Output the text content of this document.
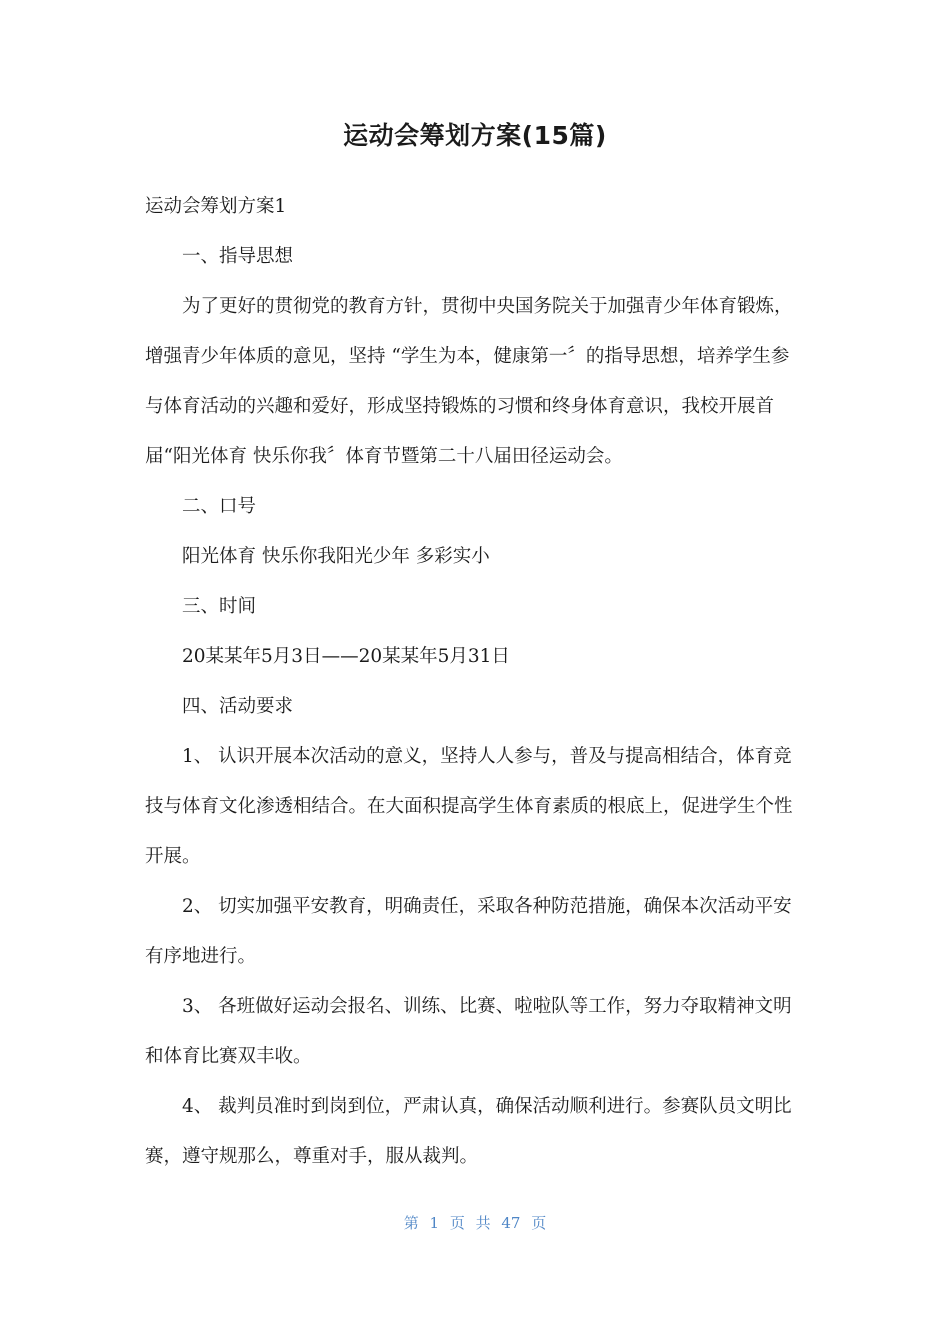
运动会筹划方案(15篇)

运动会筹划方案1

一、指导思想

为了更好的贯彻党的教育方针，贯彻中央国务院关于加强青少年体育锻炼，增强青少年体质的意见，坚持 “学生为本，健康第一〞的指导思想，培养学生参与体育活动的兴趣和爱好，形成坚持锻炼的习惯和终身体育意识，我校开展首届“阳光体育 快乐你我〞体育节暨第二十八届田径运动会。

二、口号

阳光体育 快乐你我阳光少年 多彩实小

三、时间

20某某年5月3日——20某某年5月31日

四、活动要求

1、 认识开展本次活动的意义，坚持人人参与，普及与提高相结合，体育竞技与体育文化渗透相结合。在大面积提高学生体育素质的根底上，促进学生个性开展。

2、 切实加强平安教育，明确责任，采取各种防范措施，确保本次活动平安有序地进行。

3、 各班做好运动会报名、训练、比赛、啦啦队等工作，努力夺取精神文明和体育比赛双丰收。

4、 裁判员准时到岗到位，严肃认真，确保活动顺利进行。参赛队员文明比赛，遵守规那么，尊重对手，服从裁判。

第 1 页 共 47 页
